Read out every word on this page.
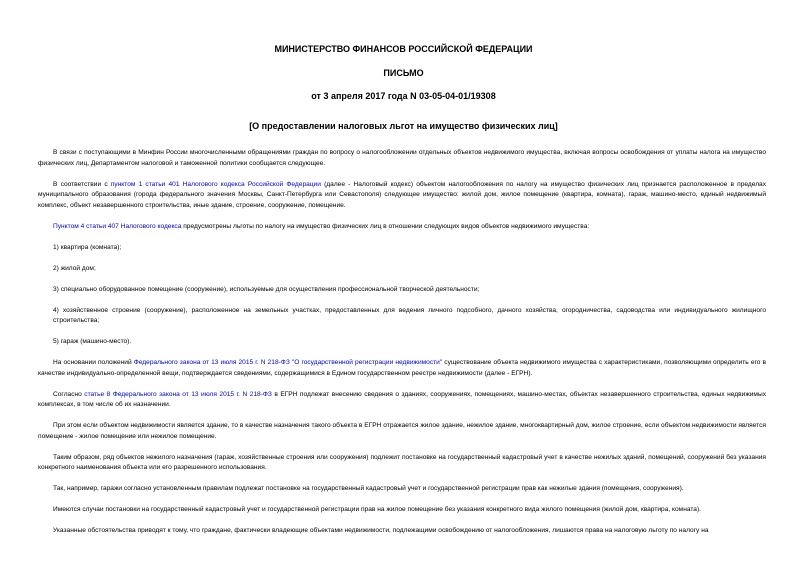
МИНИСТЕРСТВО ФИНАНСОВ РОССИЙСКОЙ ФЕДЕРАЦИИ
ПИСЬМО
от 3 апреля 2017 года N 03-05-04-01/19308
[О предоставлении налоговых льгот на имущество физических лиц]

В связи с поступающими в Минфин России многочисленными обращениями граждан по вопросу о налогообложении отдельных объектов недвижимого имущества, включая вопросы освобождения от уплаты налога на имущество физических лиц, Департаментом налоговой и таможенной политики сообщается следующее.

В соответствии с пунктом 1 статьи 401 Налогового кодекса Российской Федерации (далее - Налоговый кодекс) объектом налогообложения по налогу на имущество физических лиц признается расположенное в пределах муниципального образования (города федерального значения Москвы, Санкт-Петербурга или Севастополя) следующее имущество: жилой дом, жилое помещение (квартира, комната), гараж, машино-место, единый недвижимый комплекс, объект незавершенного строительства, иные здание, строение, сооружение, помещение.

Пунктом 4 статьи 407 Налогового кодекса предусмотрены льготы по налогу на имущество физических лиц в отношении следующих видов объектов недвижимого имущества:

1) квартира (комната);

2) жилой дом;

3) специально оборудованное помещение (сооружение), используемые для осуществления профессиональной творческой деятельности;

4) хозяйственное строение (сооружение), расположенное на земельных участках, предоставленных для ведения личного подсобного, дачного хозяйства, огородничества, садоводства или индивидуального жилищного строительства;

5) гараж (машино-место).

На основании положений Федерального закона от 13 июля 2015 г. N 218-ФЗ "О государственной регистрации недвижимости" существование объекта недвижимого имущества с характеристиками, позволяющими определить его в качестве индивидуально-определенной вещи, подтверждается сведениями, содержащимися в Едином государственном реестре недвижимости (далее - ЕГРН).

Согласно статье 8 Федерального закона от 13 июля 2015 г. N 218-ФЗ в ЕГРН подлежат внесению сведения о зданиях, сооружениях, помещениях, машино-местах, объектах незавершенного строительства, единых недвижимых комплексах, в том числе об их назначении.

При этом если объектом недвижимости является здание, то в качестве назначения такого объекта в ЕГРН отражается жилое здание, нежилое здание, многоквартирный дом, жилое строение, если объектом недвижимости является помещение - жилое помещение или нежилое помещение.

Таким образом, ряд объектов нежилого назначения (гараж, хозяйственные строения или сооружения) подлежит постановке на государственный кадастровый учет в качестве нежилых зданий, помещений, сооружений без указания конкретного наименования объекта или его разрешенного использования.

Так, например, гаражи согласно установленным правилам подлежат постановке на государственный кадастровый учет и государственной регистрации прав как нежилые здания (помещения, сооружения).

Имеются случаи постановки на государственный кадастровый учет и государственной регистрации прав на жилое помещение без указания конкретного вида жилого помещения (жилой дом, квартира, комната).

Указанные обстоятельства приводят к тому, что граждане, фактически владеющие объектами недвижимости, подлежащими освобождению от налогообложения, лишаются права на налоговую льготу по налогу на
